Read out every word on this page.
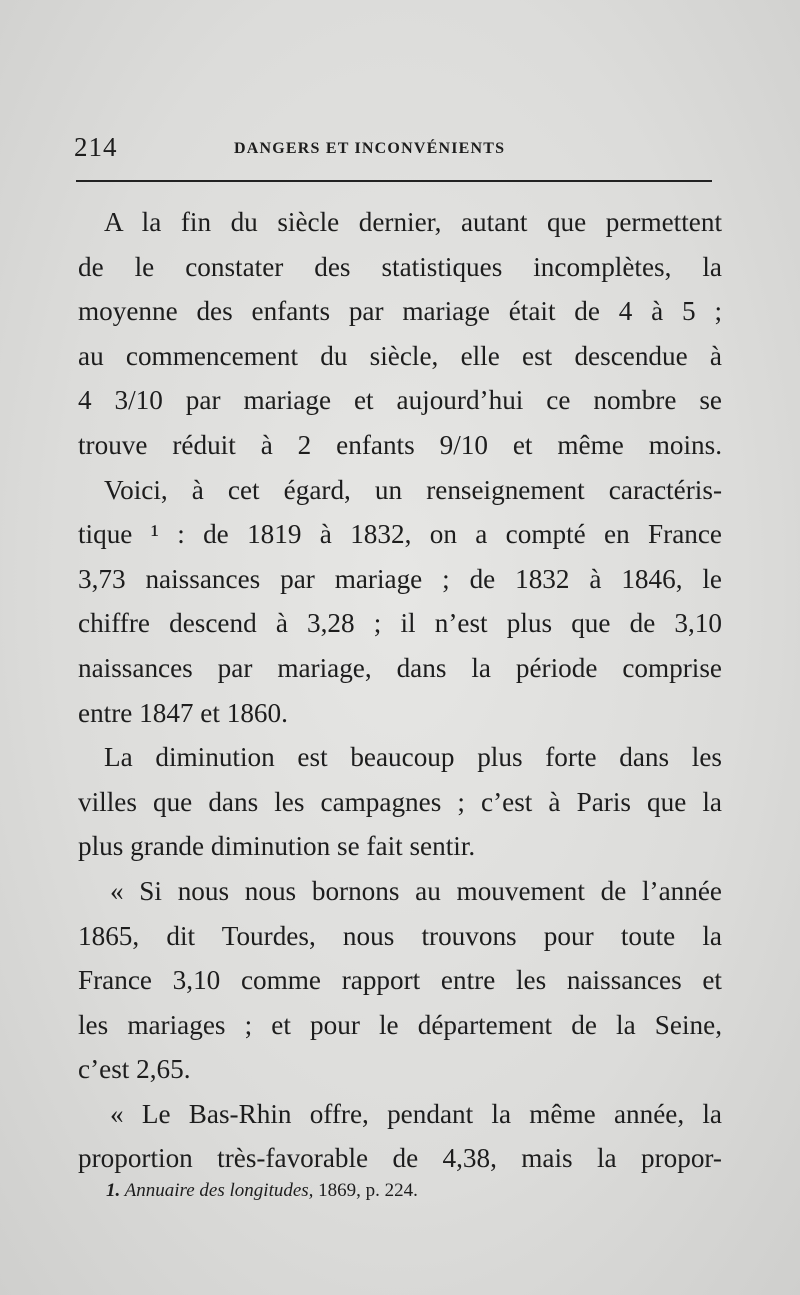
214	DANGERS ET INCONVÉNIENTS
A la fin du siècle dernier, autant que permettent
de le constater des statistiques incomplètes, la
moyenne des enfants par mariage était de 4 à 5 ;
au commencement du siècle, elle est descendue à
4 3/10 par mariage et aujourd’hui ce nombre se
trouve réduit à 2 enfants 9/10 et même moins.
Voici, à cet égard, un renseignement caractéris-
tique ¹ : de 1819 à 1832, on a compté en France
3,73 naissances par mariage ; de 1832 à 1846, le
chiffre descend à 3,28 ; il n’est plus que de 3,10
naissances par mariage, dans la période comprise
entre 1847 et 1860.
La diminution est beaucoup plus forte dans les
villes que dans les campagnes ; c’est à Paris que la
plus grande diminution se fait sentir.
« Si nous nous bornons au mouvement de l’année
1865, dit Tourdes, nous trouvons pour toute la
France 3,10 comme rapport entre les naissances et
les mariages ; et pour le département de la Seine,
c’est 2,65.
« Le Bas-Rhin offre, pendant la même année, la
proportion très-favorable de 4,38, mais la propor-
1. Annuaire des longitudes, 1869, p. 224.
